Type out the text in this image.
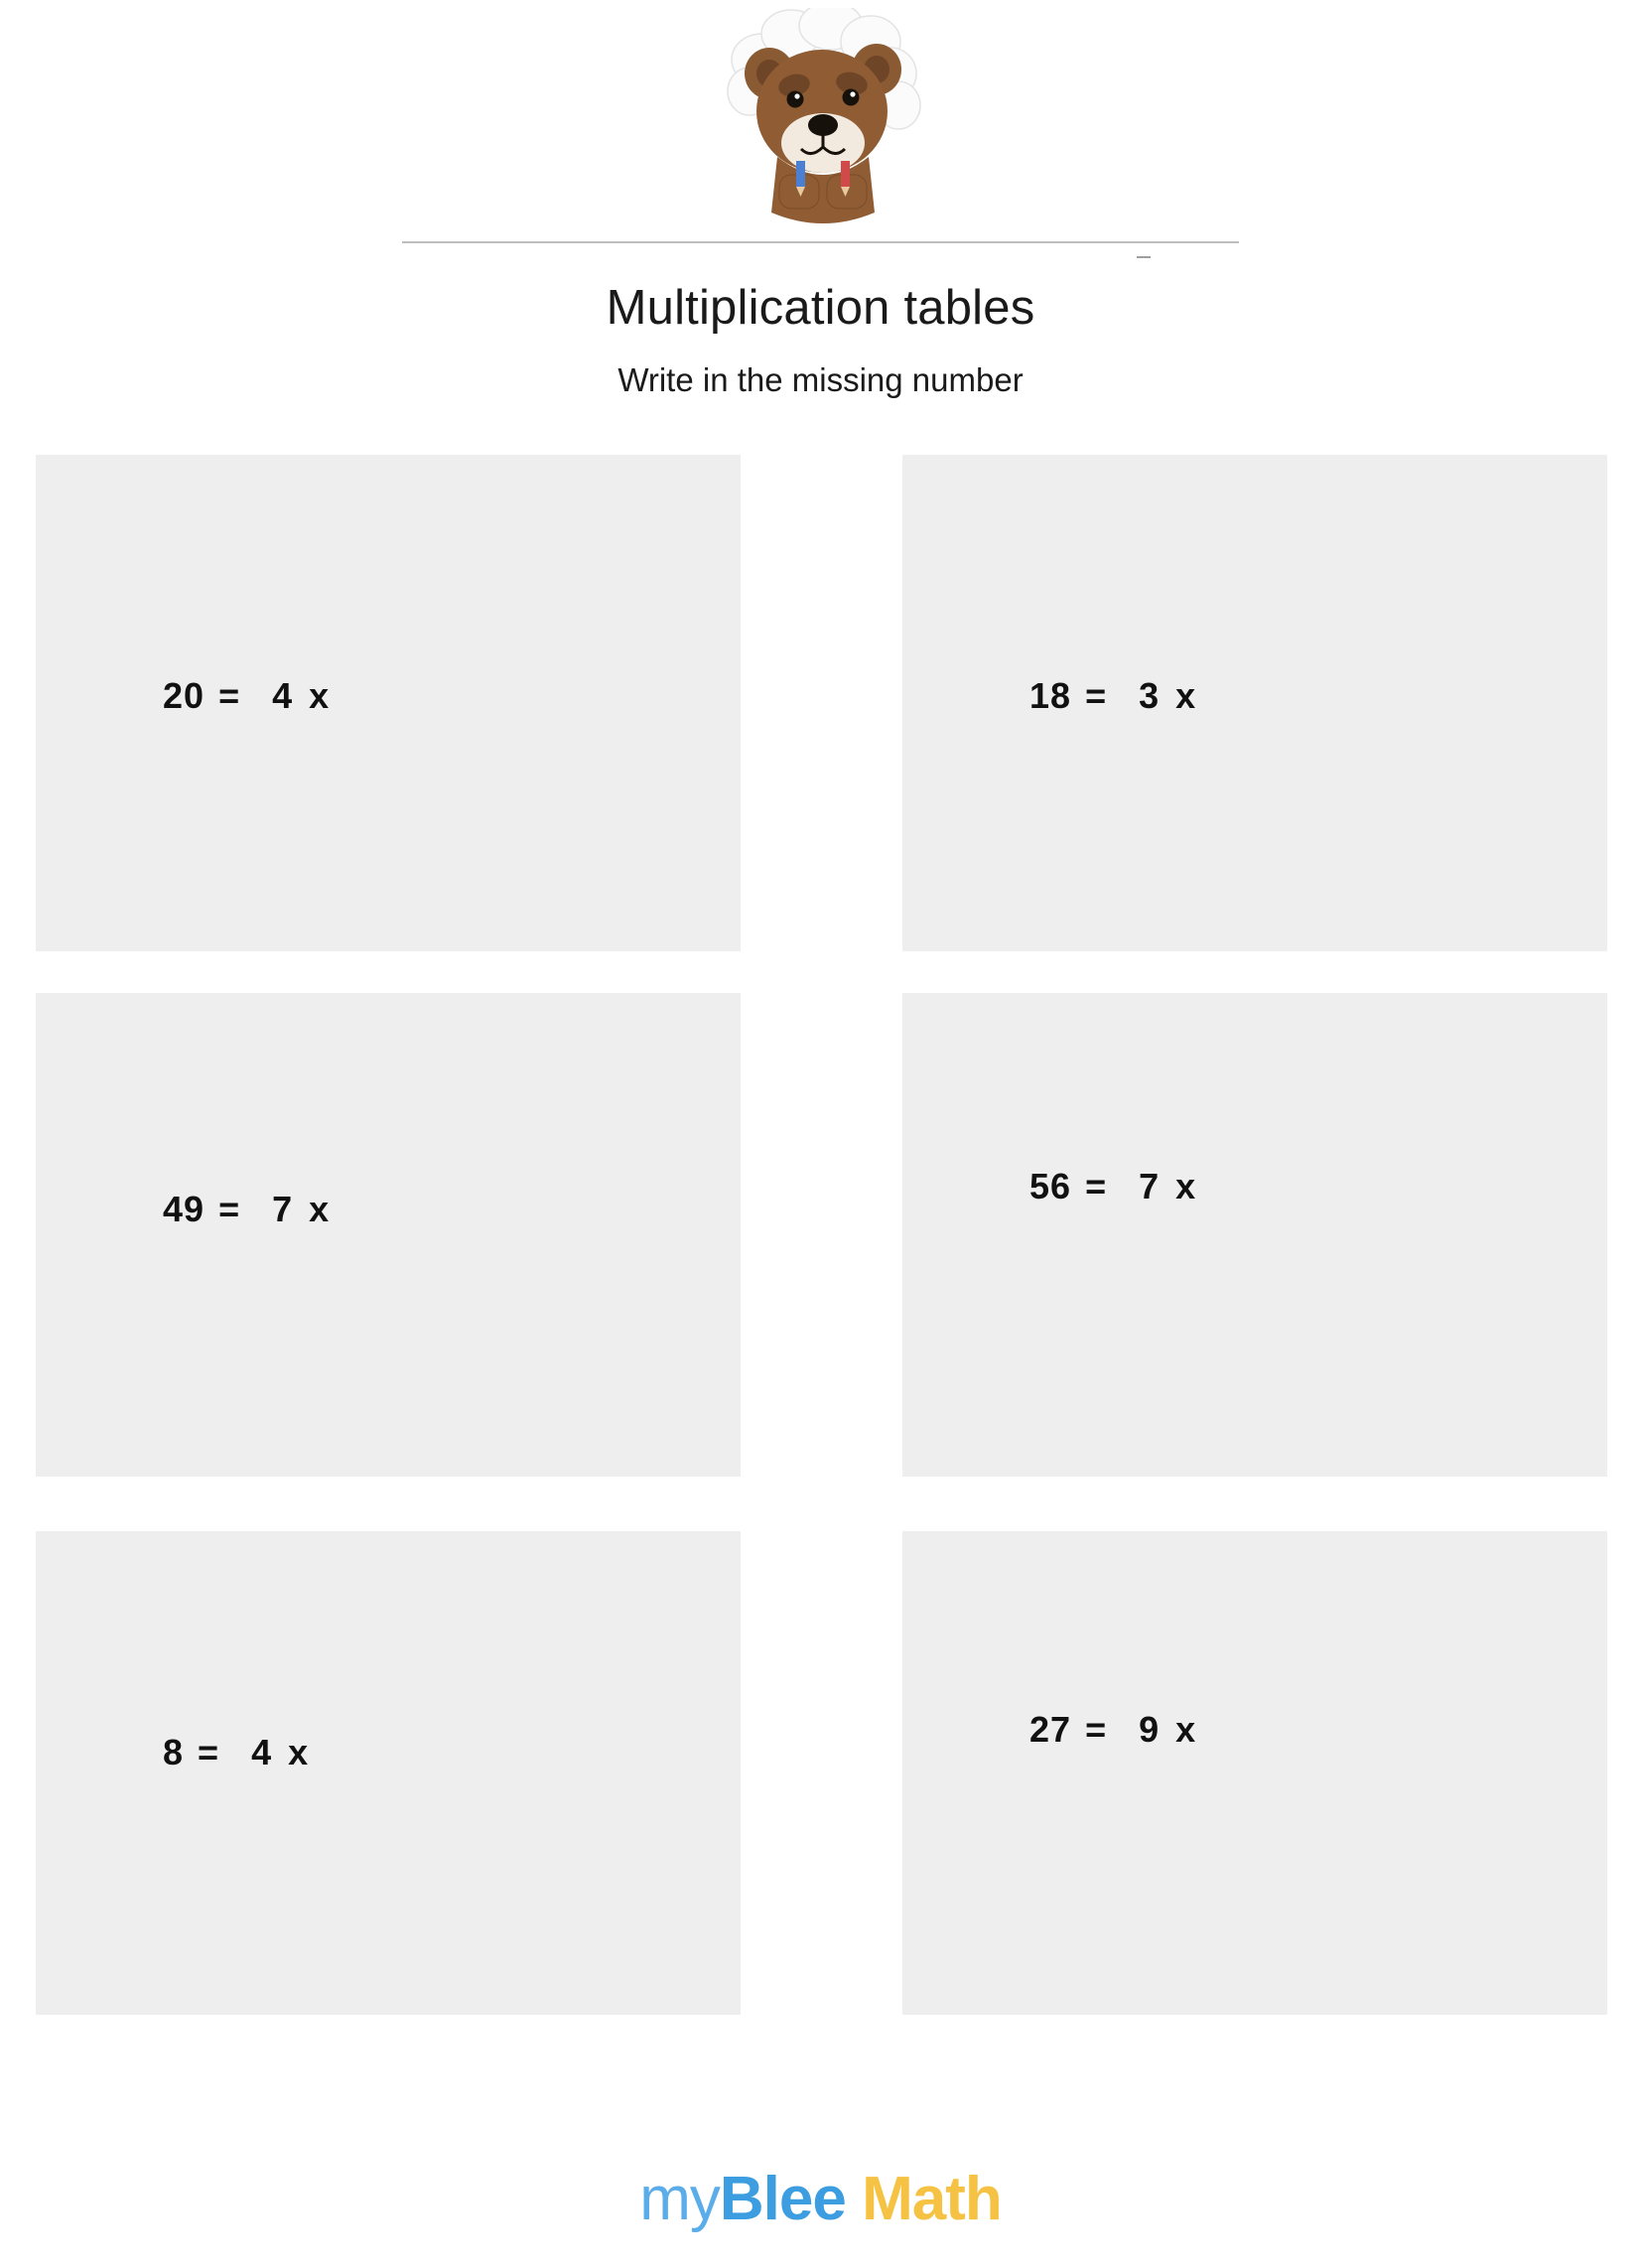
Multiplication tables
Write in the missing number

20 = 4 x
	18 = 3 x

49 = 7 x

56 = 7 x

8 = 4 x

27 = 9 x

myBlee Math
